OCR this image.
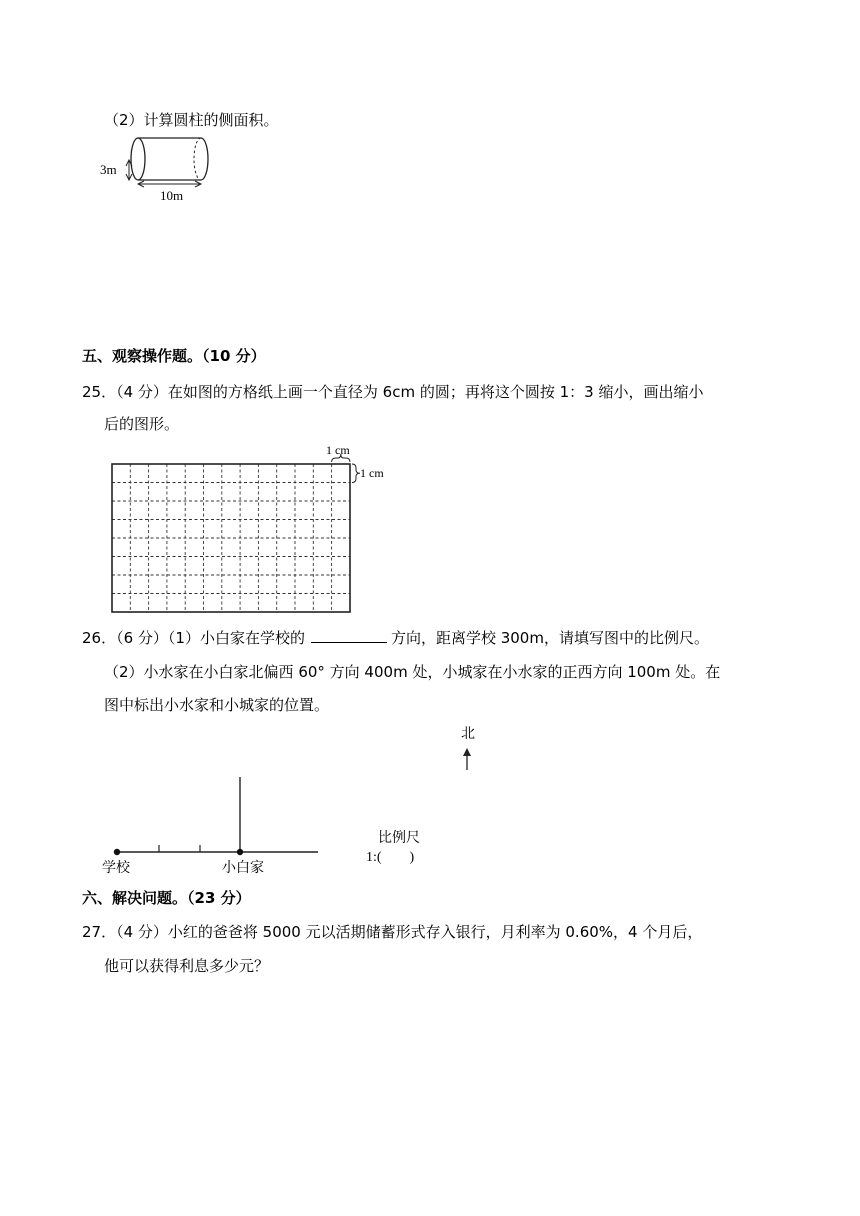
（2）计算圆柱的侧面积。
3m
10m
五、观察操作题。（10 分）
25．（4 分）在如图的方格纸上画一个直径为 6cm 的圆；再将这个圆按 1：3 缩小，画出缩小
后的图形。
1 cm
1 cm
26．（6 分）（1）小白家在学校的	方向，距离学校 300m，请填写图中的比例尺。
（2）小水家在小白家北偏西 60° 方向 400m 处，小城家在小水家的正西方向 100m 处。在
图中标出小水家和小城家的位置。
北
学校	小白家
比例尺
1:(        )
六、解决问题。（23 分）
27．（4 分）小红的爸爸将 5000 元以活期储蓄形式存入银行，月利率为 0.60%，4 个月后，
他可以获得利息多少元？
